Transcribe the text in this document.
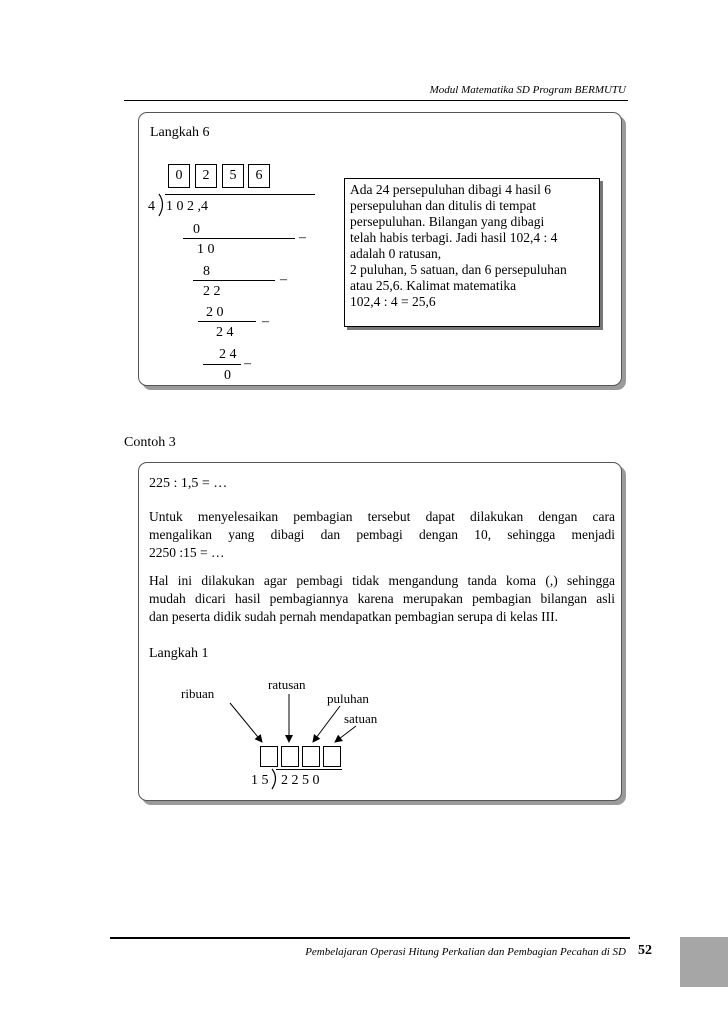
Modul Matematika SD Program BERMUTU
Langkah 6
0	2	5	6
4 1 0 2 ,4
0
–
1 0
8
–
2 2
2 0
–
2 4
2 4
–
0
Ada 24 persepuluhan dibagi 4 hasil 6
persepuluhan dan ditulis di tempat
persepuluhan. Bilangan yang dibagi
telah habis terbagi. Jadi hasil 102,4 : 4
adalah 0 ratusan,
2 puluhan, 5 satuan, dan 6 persepuluhan
atau 25,6. Kalimat matematika
102,4 : 4 = 25,6
Contoh 3
225 : 1,5 = …
Untuk menyelesaikan pembagian tersebut dapat dilakukan dengan cara
mengalikan yang dibagi dan pembagi dengan 10, sehingga menjadi
2250 :15 = …
Hal ini dilakukan agar pembagi tidak mengandung tanda koma (,) sehingga
mudah dicari hasil pembagiannya karena merupakan pembagian bilangan asli
dan peserta didik sudah pernah mendapatkan pembagian serupa di kelas III.
Langkah 1
ribuan
ratusan
puluhan
satuan
1 5 2 2 5 0
Pembelajaran Operasi Hitung Perkalian dan Pembagian Pecahan di SD 52
